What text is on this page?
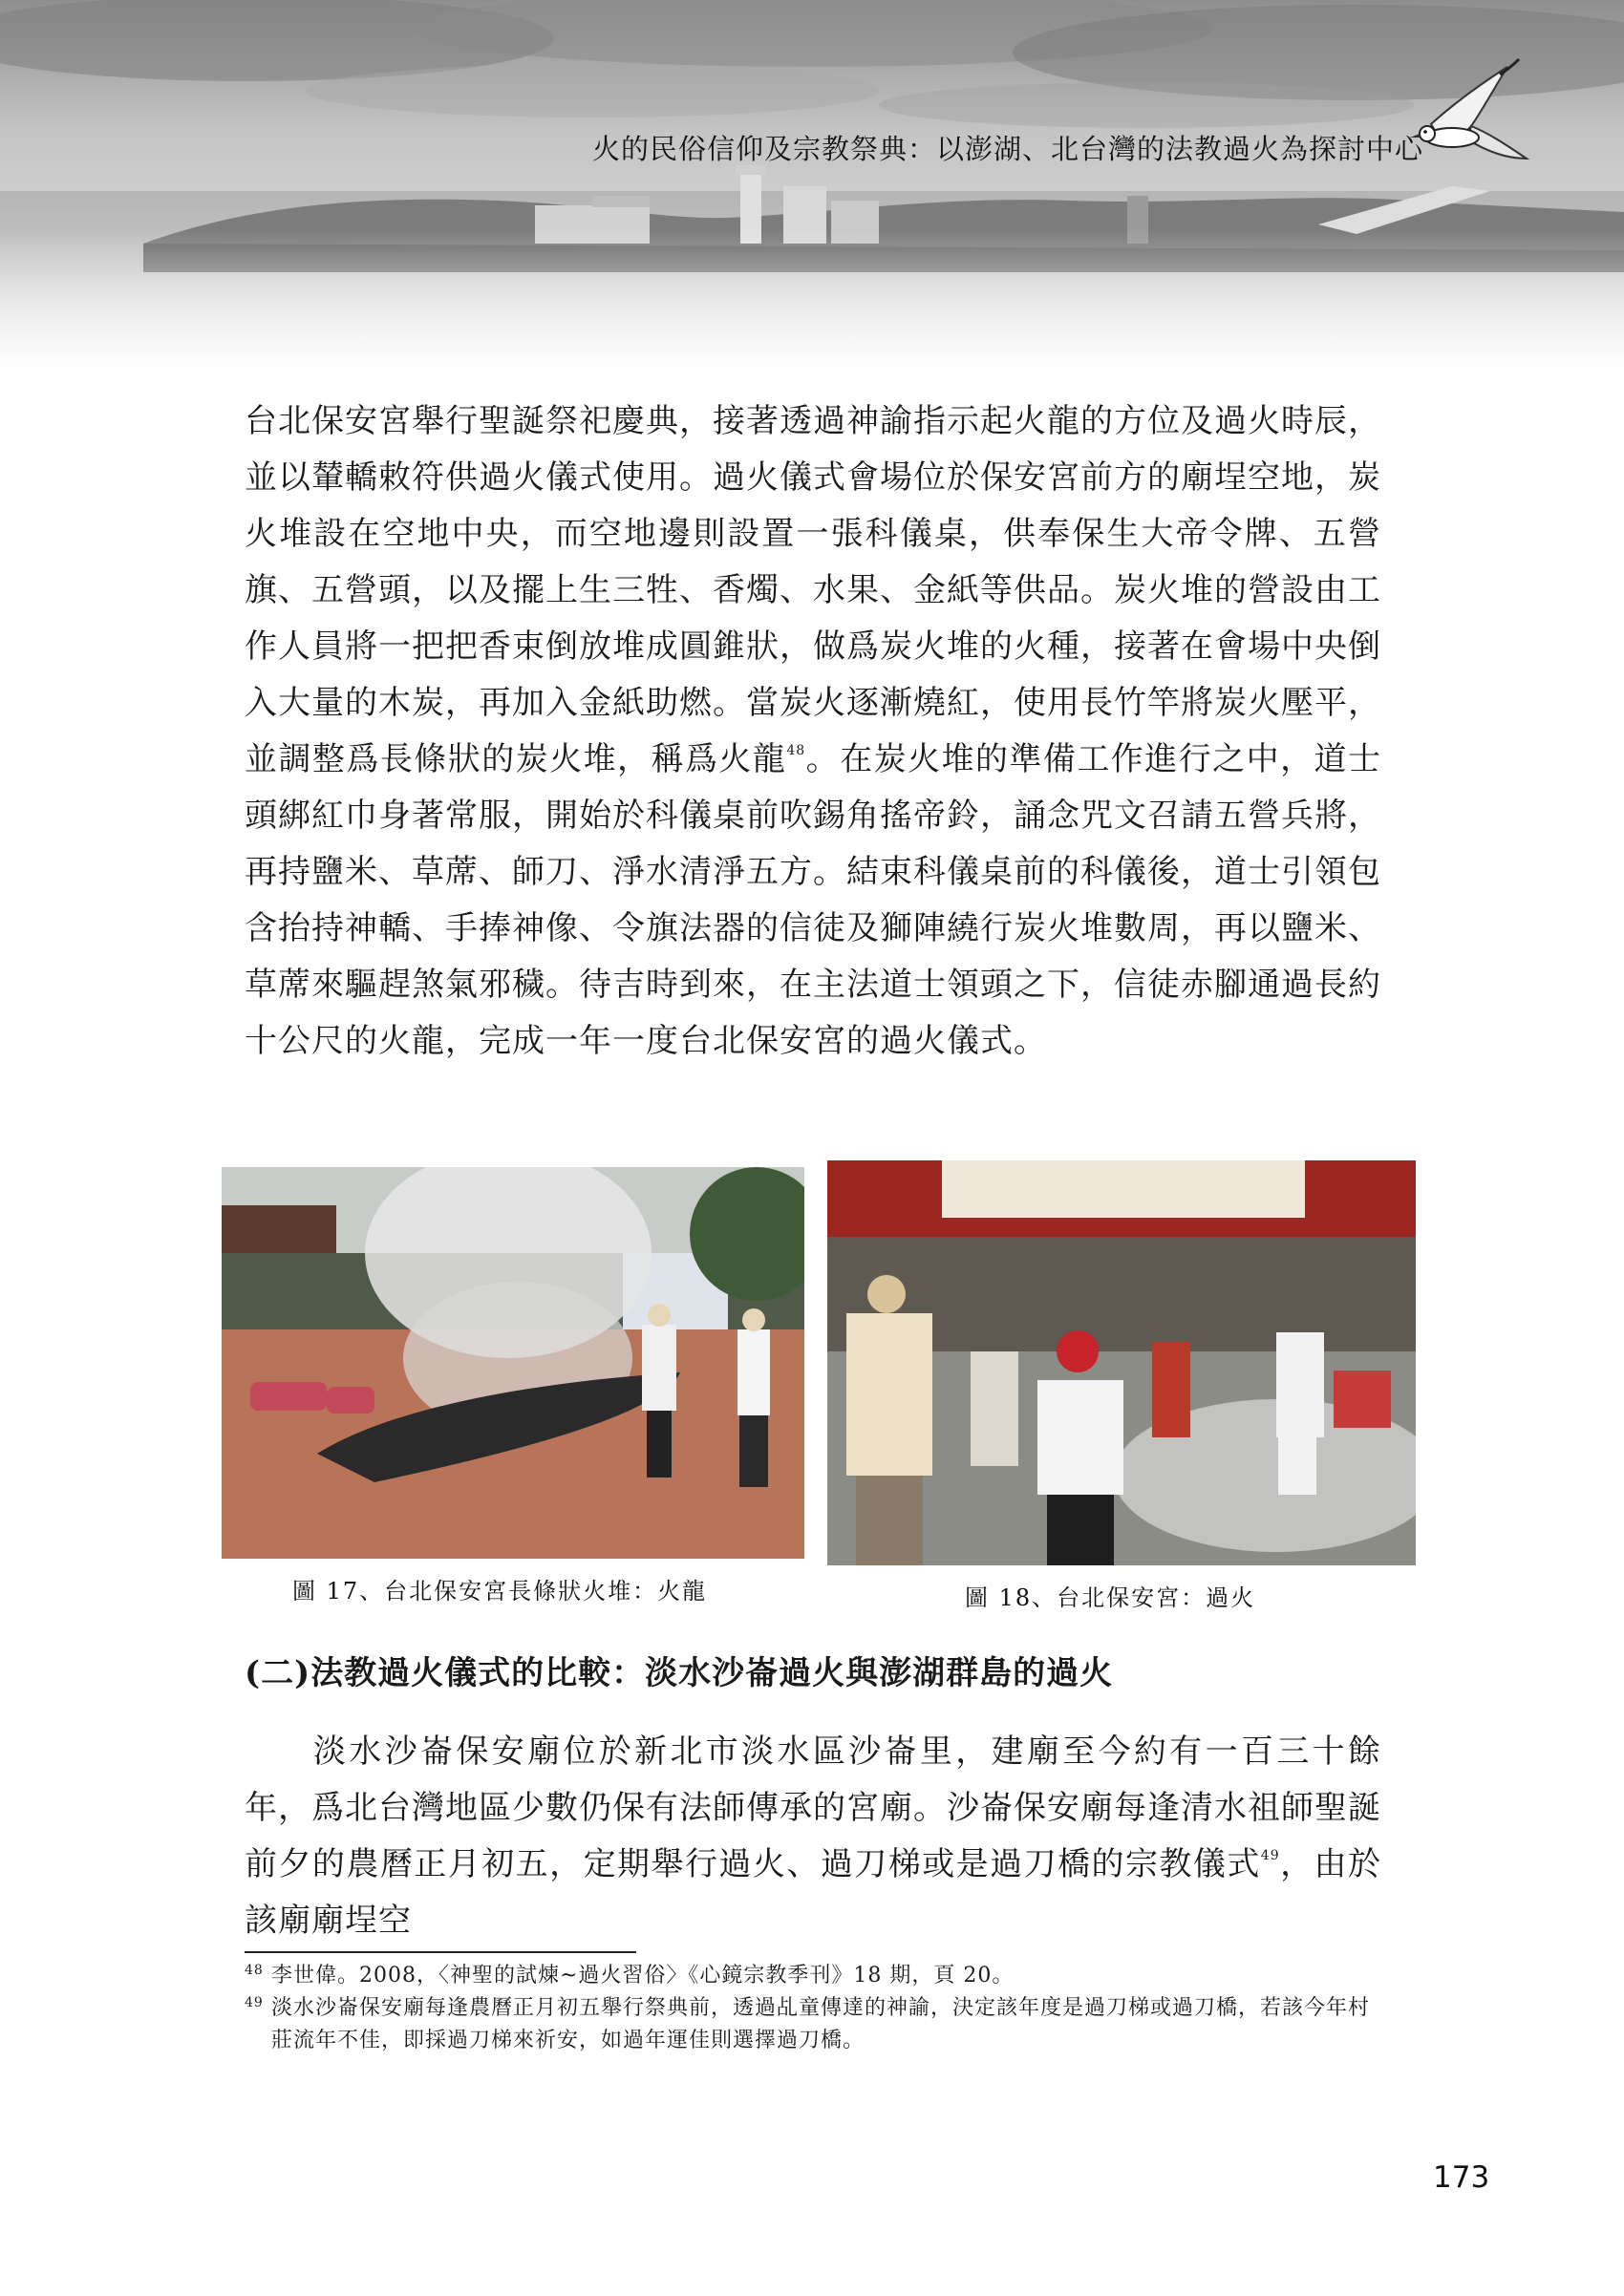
火的民俗信仰及宗教祭典：以澎湖、北台灣的法教過火為探討中心

台北保安宮舉行聖誕祭祀慶典，接著透過神諭指示起火龍的方位及過火時辰，並以輦轎敕符供過火儀式使用。過火儀式會場位於保安宮前方的廟埕空地，炭火堆設在空地中央，而空地邊則設置一張科儀桌，供奉保生大帝令牌、五營旗、五營頭，以及擺上生三牲、香燭、水果、金紙等供品。炭火堆的營設由工作人員將一把把香束倒放堆成圓錐狀，做爲炭火堆的火種，接著在會場中央倒入大量的木炭，再加入金紙助燃。當炭火逐漸燒紅，使用長竹竿將炭火壓平，並調整爲長條狀的炭火堆，稱爲火龍$^{48}$。在炭火堆的準備工作進行之中，道士頭綁紅巾身著常服，開始於科儀桌前吹錫角搖帝鈴，誦念咒文召請五營兵將，再持鹽米、草蓆、師刀、淨水清淨五方。結束科儀桌前的科儀後，道士引領包含抬持神轎、手捧神像、令旗法器的信徒及獅陣繞行炭火堆數周，再以鹽米、草蓆來驅趕煞氣邪穢。待吉時到來，在主法道士領頭之下，信徒赤腳通過長約十公尺的火龍，完成一年一度台北保安宮的過火儀式。

圖 17、台北保安宮長條狀火堆：火龍	圖 18、台北保安宮：過火
(二)法教過火儀式的比較：淡水沙崙過火與澎湖群島的過火

淡水沙崙保安廟位於新北市淡水區沙崙里，建廟至今約有一百三十餘年，爲北台灣地區少數仍保有法師傳承的宮廟。沙崙保安廟每逢清水祖師聖誕前夕的農曆正月初五，定期舉行過火、過刀梯或是過刀橋的宗教儀式$^{49}$，由於該廟廟埕空

48 李世偉。2008，〈神聖的試煉~過火習俗〉《心鏡宗教季刊》18 期，頁 20。
49 淡水沙崙保安廟每逢農曆正月初五舉行祭典前，透過乩童傳達的神諭，決定該年度是過刀梯或過刀橋，若該今年村莊流年不佳，即採過刀梯來祈安，如過年運佳則選擇過刀橋。
173
